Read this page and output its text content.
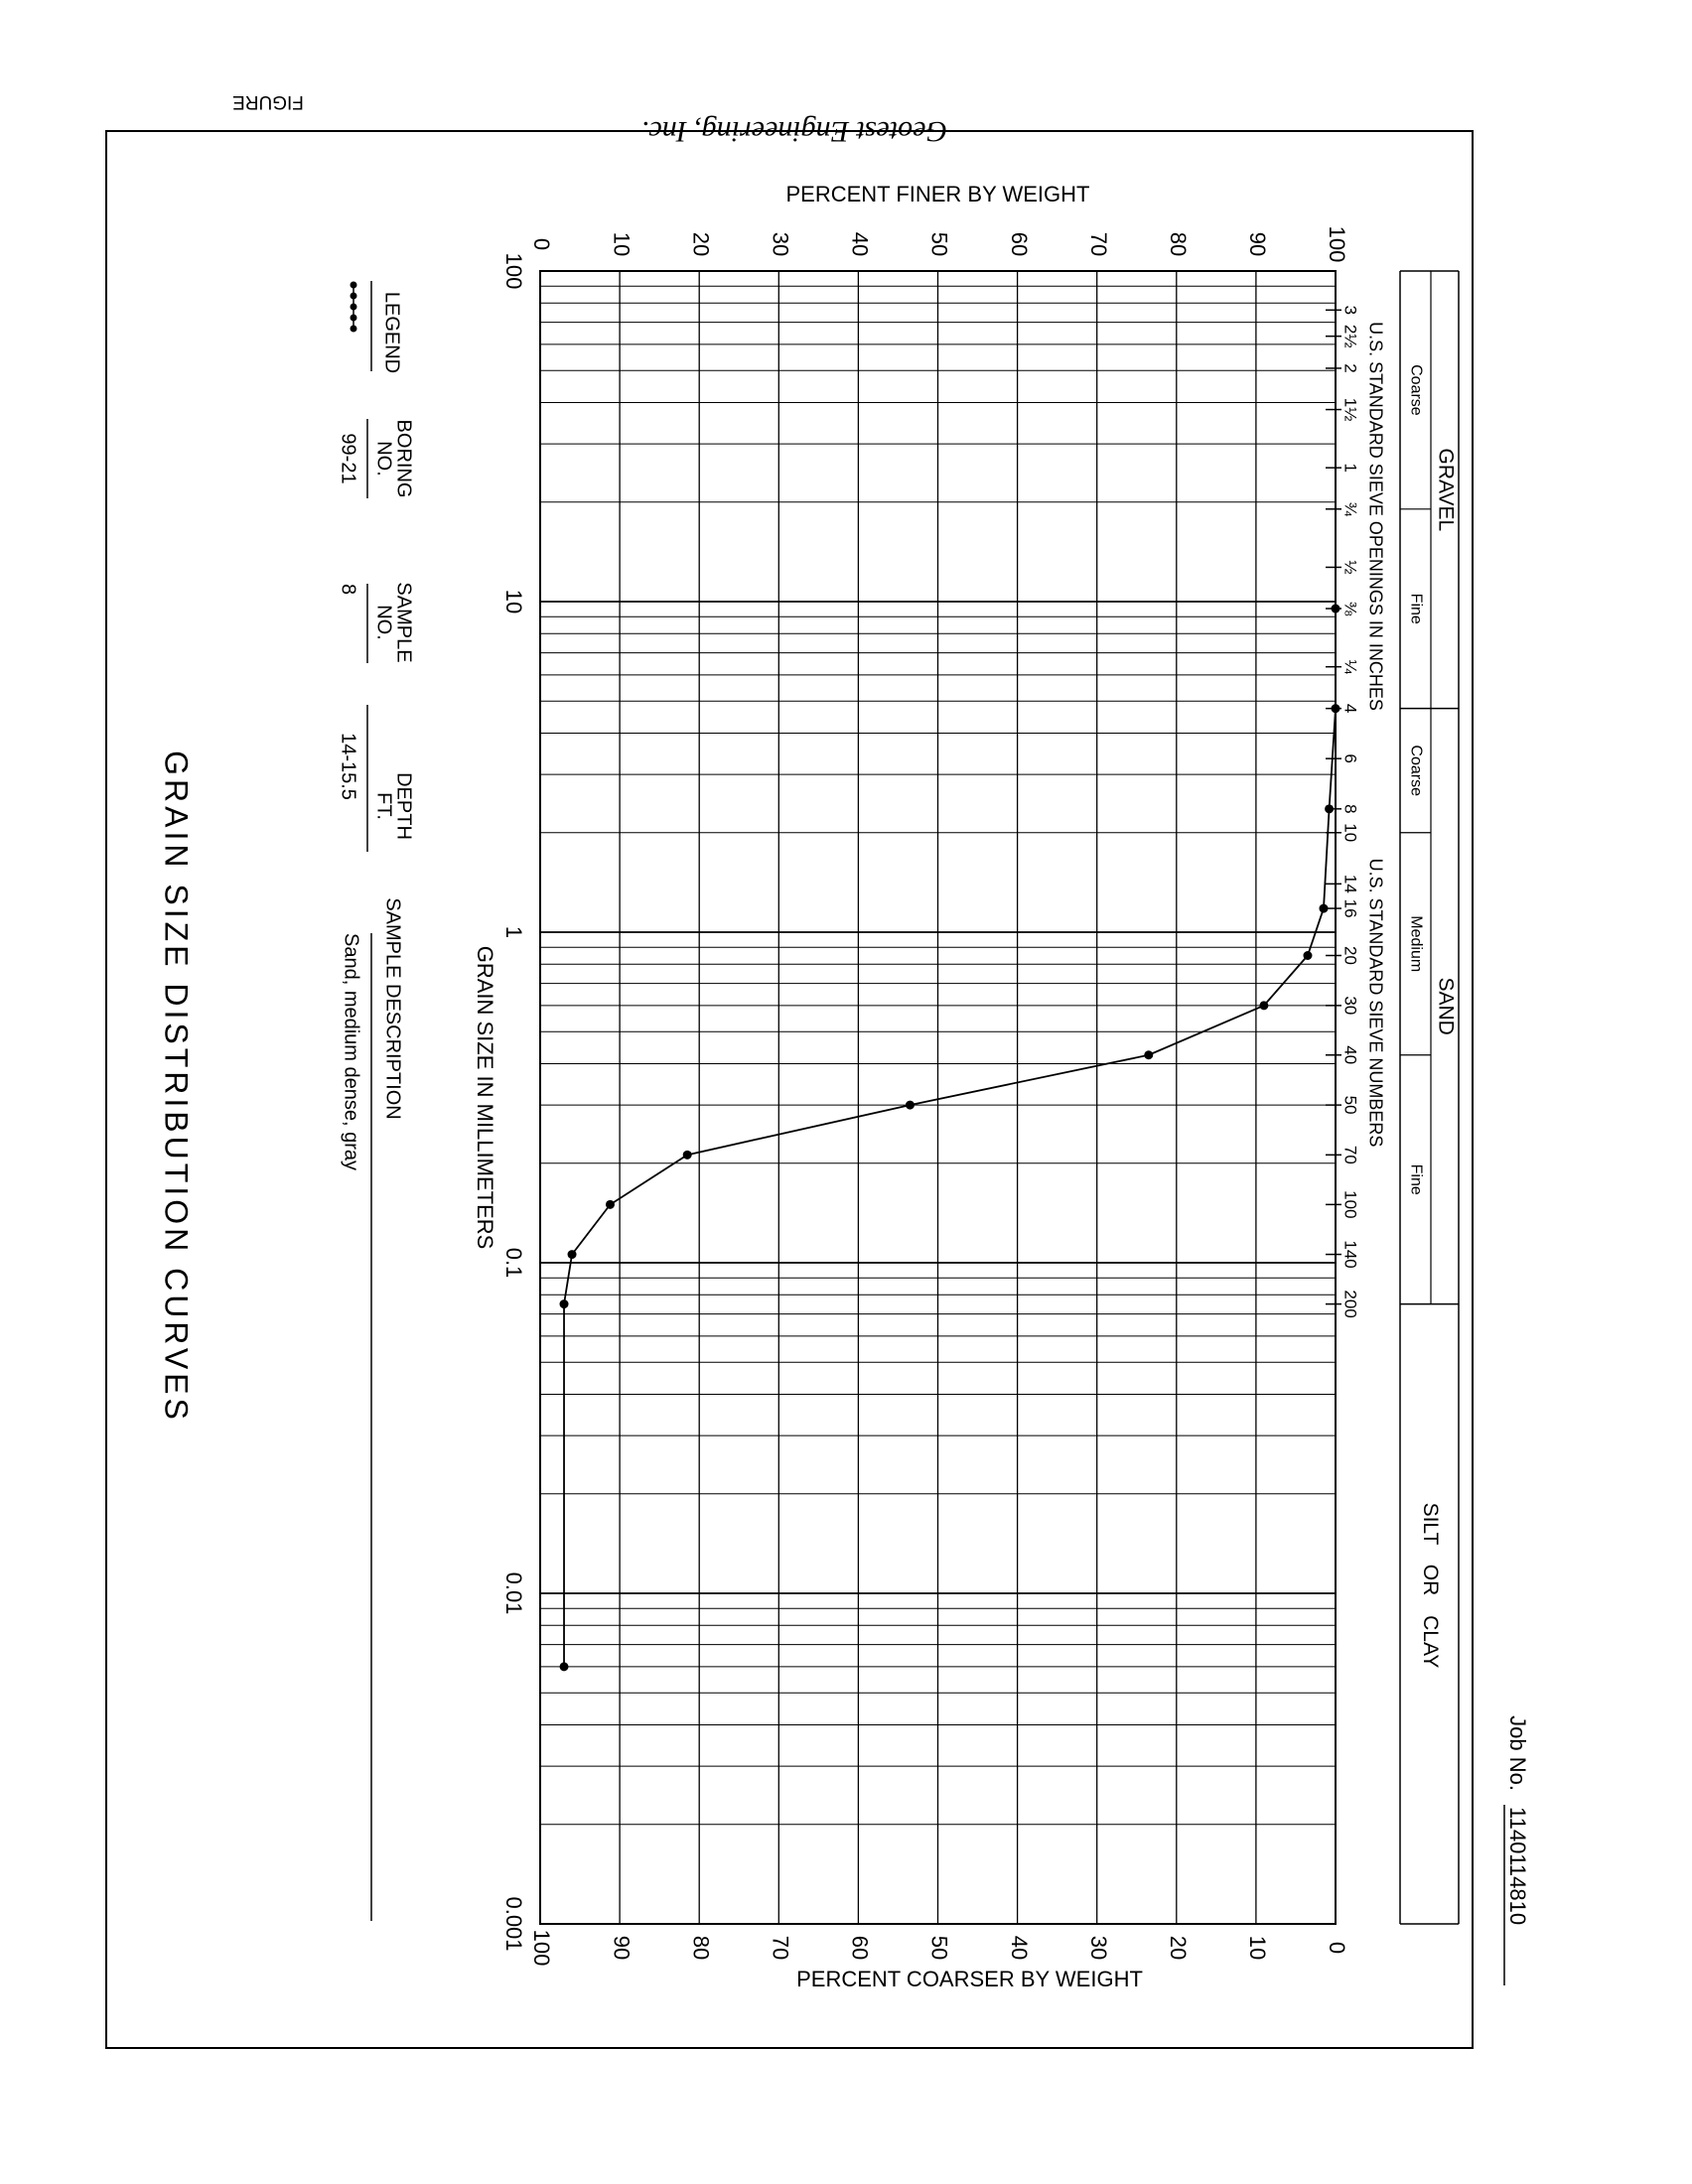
FIGURE
Geotest Engineering, Inc.
Job No.
1140114810
GRAIN SIZE DISTRIBUTION CURVES
0	10	20	30	40	50	60	70	80	90	100
100	90	80	70	60	50	40	30	20	10	0
PERCENT FINER BY WEIGHT
PERCENT COARSER BY WEIGHT
100
10
1
0.1
0.01
0.001
GRAIN SIZE IN MILLIMETERS
3
2½
2
1½
1
¾
½
⅜
¼
4
6
8
10
14
16
20
30
40
50
70
100
140
200
U.S. STANDARD SIEVE OPENINGS IN INCHES
U.S. STANDARD SIEVE NUMBERS
Coarse
Fine
Coarse
Medium
Fine
GRAVEL
SAND
SILT OR CLAY
LEGEND
BORING
NO.
99-21
SAMPLE
NO.
8
DEPTH
FT.
14-15.5
SAMPLE DESCRIPTION
Sand, medium dense, gray
